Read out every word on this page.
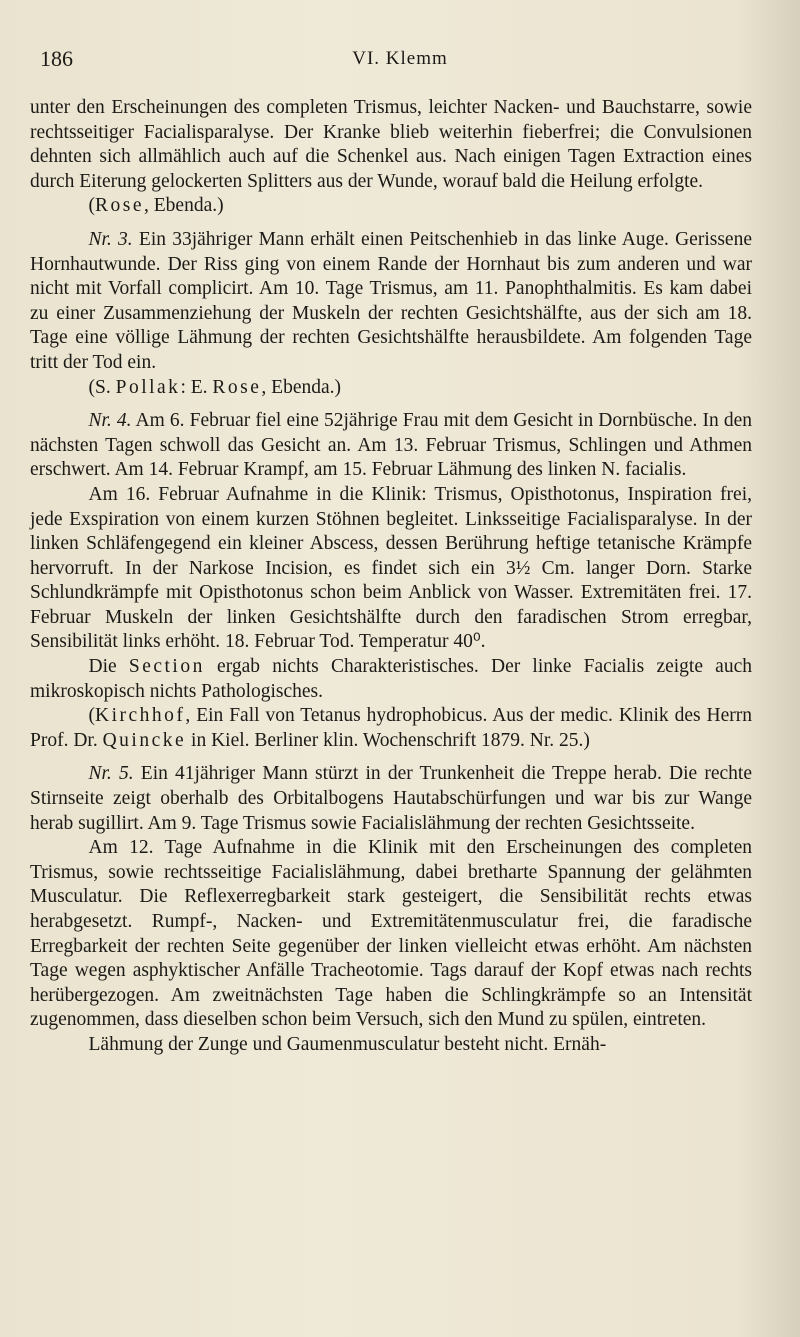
186	VI. Klemm

unter den Erscheinungen des completen Trismus, leichter Nacken- und Bauchstarre, sowie rechtsseitiger Facialisparalyse. Der Kranke blieb weiterhin fieberfrei; die Convulsionen dehnten sich allmählich auch auf die Schenkel aus. Nach einigen Tagen Extraction eines durch Eiterung gelockerten Splitters aus der Wunde, worauf bald die Heilung erfolgte.

(Rose, Ebenda.)

Nr. 3. Ein 33jähriger Mann erhält einen Peitschenhieb in das linke Auge. Gerissene Hornhautwunde. Der Riss ging von einem Rande der Hornhaut bis zum anderen und war nicht mit Vorfall complicirt. Am 10. Tage Trismus, am 11. Panophthalmitis. Es kam dabei zu einer Zusammenziehung der Muskeln der rechten Gesichtshälfte, aus der sich am 18. Tage eine völlige Lähmung der rechten Gesichtshälfte herausbildete. Am folgenden Tage tritt der Tod ein.

(S. Pollak: E. Rose, Ebenda.)

Nr. 4. Am 6. Februar fiel eine 52jährige Frau mit dem Gesicht in Dornbüsche. In den nächsten Tagen schwoll das Gesicht an. Am 13. Februar Trismus, Schlingen und Athmen erschwert. Am 14. Februar Krampf, am 15. Februar Lähmung des linken N. facialis.

Am 16. Februar Aufnahme in die Klinik: Trismus, Opisthotonus, Inspiration frei, jede Exspiration von einem kurzen Stöhnen begleitet. Linksseitige Facialisparalyse. In der linken Schläfengegend ein kleiner Abscess, dessen Berührung heftige tetanische Krämpfe hervorruft. In der Narkose Incision, es findet sich ein 3½ Cm. langer Dorn. Starke Schlundkrämpfe mit Opisthotonus schon beim Anblick von Wasser. Extremitäten frei. 17. Februar Muskeln der linken Gesichtshälfte durch den faradischen Strom erregbar, Sensibilität links erhöht. 18. Februar Tod. Temperatur 40⁰.

Die Section ergab nichts Charakteristisches. Der linke Facialis zeigte auch mikroskopisch nichts Pathologisches.

(Kirchhof, Ein Fall von Tetanus hydrophobicus. Aus der medic. Klinik des Herrn Prof. Dr. Quincke in Kiel. Berliner klin. Wochenschrift 1879. Nr. 25.)

Nr. 5. Ein 41jähriger Mann stürzt in der Trunkenheit die Treppe herab. Die rechte Stirnseite zeigt oberhalb des Orbitalbogens Hautabschürfungen und war bis zur Wange herab sugillirt. Am 9. Tage Trismus sowie Facialislähmung der rechten Gesichtsseite.

Am 12. Tage Aufnahme in die Klinik mit den Erscheinungen des completen Trismus, sowie rechtsseitige Facialislähmung, dabei bretharte Spannung der gelähmten Musculatur. Die Reflexerregbarkeit stark gesteigert, die Sensibilität rechts etwas herabgesetzt. Rumpf-, Nacken- und Extremitätenmusculatur frei, die faradische Erregbarkeit der rechten Seite gegenüber der linken vielleicht etwas erhöht. Am nächsten Tage wegen asphyktischer Anfälle Tracheotomie. Tags darauf der Kopf etwas nach rechts herübergezogen. Am zweitnächsten Tage haben die Schlingkrämpfe so an Intensität zugenommen, dass dieselben schon beim Versuch, sich den Mund zu spülen, eintreten.

Lähmung der Zunge und Gaumenmusculatur besteht nicht. Ernäh-
